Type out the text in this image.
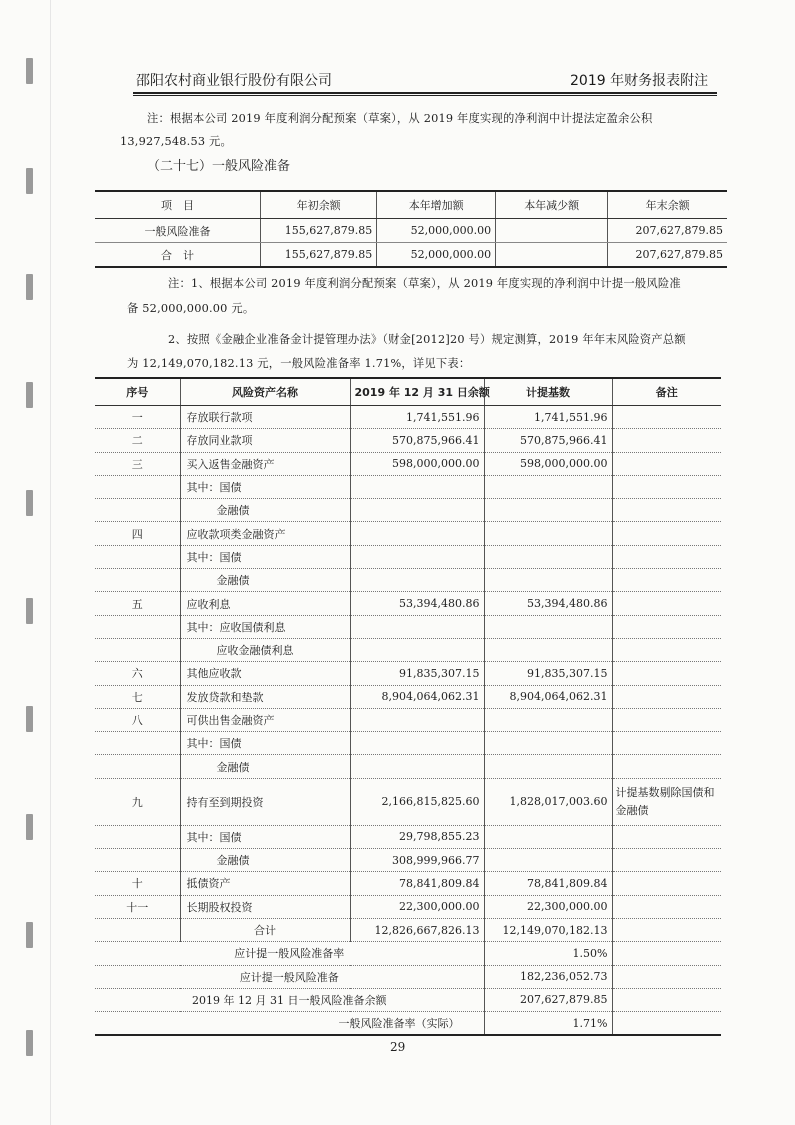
邵阳农村商业银行股份有限公司	2019 年财务报表附注
注：根据本公司 2019 年度利润分配预案（草案），从 2019 年度实现的净利润中计提法定盈余公积
13,927,548.53 元。
（二十七）一般风险准备
项　目	年初余额	本年增加额	本年减少额	年末余额
一般风险准备	155,627,879.85	52,000,000.00		207,627,879.85
合　计	155,627,879.85	52,000,000.00		207,627,879.85
注：1、根据本公司 2019 年度利润分配预案（草案），从 2019 年度实现的净利润中计提一般风险准
备 52,000,000.00 元。
2、按照《金融企业准备金计提管理办法》（财金[2012]20 号）规定测算，2019 年年末风险资产总额
为 12,149,070,182.13 元，一般风险准备率 1.71%，详见下表：
序号	风险资产名称	2019 年 12 月 31 日余额	计提基数	备注
一	存放联行款项	1,741,551.96	1,741,551.96	
二	存放同业款项	570,875,966.41	570,875,966.41	
三	买入返售金融资产	598,000,000.00	598,000,000.00	
	其中：国债			
	金融债			
四	应收款项类金融资产			
	其中：国债			
	金融债			
五	应收利息	53,394,480.86	53,394,480.86	
	其中：应收国债利息			
	应收金融债利息			
六	其他应收款	91,835,307.15	91,835,307.15	
七	发放贷款和垫款	8,904,064,062.31	8,904,064,062.31	
八	可供出售金融资产			
	其中：国债			
	金融债			
九	持有至到期投资	2,166,815,825.60	1,828,017,003.60	计提基数剔除国债和金融债
	其中：国债	29,798,855.23		
	金融债	308,999,966.77		
十	抵债资产	78,841,809.84	78,841,809.84	
十一	长期股权投资	22,300,000.00	22,300,000.00	
	合计	12,826,667,826.13	12,149,070,182.13	
应计提一般风险准备率			1.50%	
应计提一般风险准备			182,236,052.73	
2019 年 12 月 31 日一般风险准备余额			207,627,879.85	
一般风险准备率（实际）			1.71%	
29
